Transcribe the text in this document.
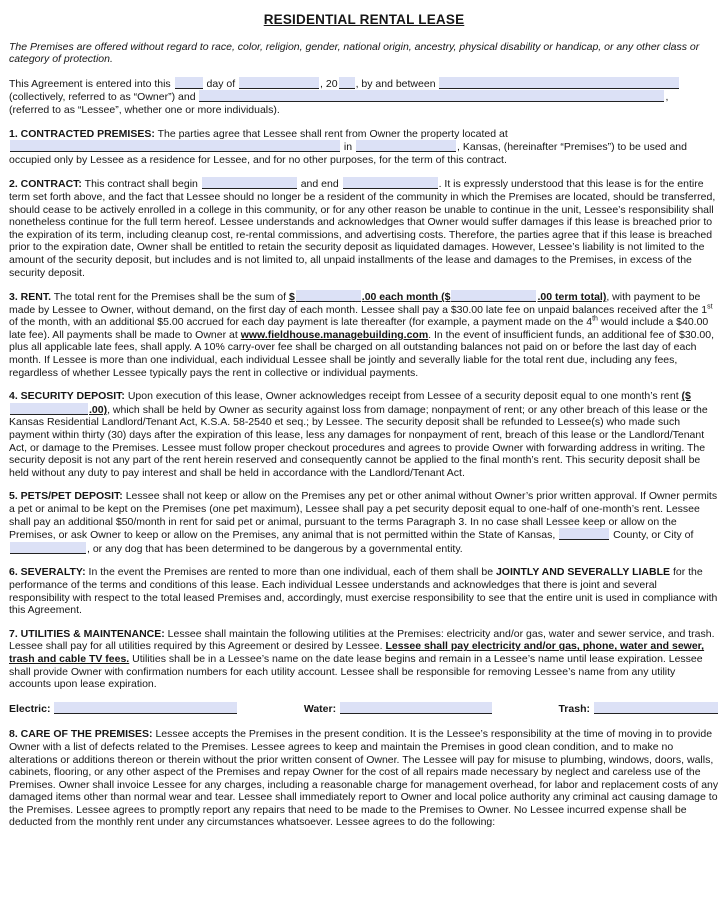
RESIDENTIAL RENTAL LEASE

The Premises are offered without regard to race, color, religion, gender, national origin, ancestry, physical disability or handicap, or any other class or category of protection.

This Agreement is entered into this	day of	, 20 , by and between
(collectively, referred to as “Owner”) and	,
(referred to as “Lessee”, whether one or more individuals).

1. CONTRACTED PREMISES: The parties agree that Lessee shall rent from Owner the property located at
in	, Kansas, (hereinafter “Premises”) to be used and occupied only by Lessee as a residence for Lessee, and for no other purposes, for the term of this contract.

2. CONTRACT: This contract shall begin	and end	. It is expressly understood that this lease is for the entire term set forth above, and the fact that Lessee should no longer be a resident of the community in which the Premises are located, should be transferred, should cease to be actively enrolled in a college in this community, or for any other reason be unable to continue in the unit, Lessee’s responsibility shall nonetheless continue for the full term hereof. Lessee understands and acknowledges that Owner would suffer damages if this lease is breached prior to the expiration of its term, including cleanup cost, re-rental commissions, and advertising costs. Therefore, the parties agree that if this lease is breached prior to the expiration date, Owner shall be entitled to retain the security deposit as liquidated damages. However, Lessee’s liability is not limited to the amount of the security deposit, but includes and is not limited to, all unpaid installments of the lease and damages to the Premises, in excess of the security deposit.

3. RENT. The total rent for the Premises shall be the sum of $	.00 each month ($	.00 term total), with payment to be made by Lessee to Owner, without demand, on the first day of each month. Lessee shall pay a $30.00 late fee on unpaid balances received after the 1st of the month, with an additional $5.00 accrued for each day payment is late thereafter (for example, a payment made on the 4th would include a $40.00 late fee). All payments shall be made to Owner at www.fieldhouse.managebuilding.com. In the event of insufficient funds, an additional fee of $30.00, plus all applicable late fees, shall apply. A 10% carry-over fee shall be charged on all outstanding balances not paid on or before the last day of each month. If Lessee is more than one individual, each individual Lessee shall be jointly and severally liable for the total rent due, including any fees, regardless of whether Lessee typically pays the rent in collective or individual payments.

4. SECURITY DEPOSIT: Upon execution of this lease, Owner acknowledges receipt from Lessee of a security deposit equal to one month’s rent ($.00), which shall be held by Owner as security against loss from damage; nonpayment of rent; or any other breach of this lease or the Kansas Residential Landlord/Tenant Act, K.S.A. 58-2540 et seq.; by Lessee. The security deposit shall be refunded to Lessee(s) who made such payment within thirty (30) days after the expiration of this lease, less any damages for nonpayment of rent, breach of this lease or the Landlord/Tenant Act, or damage to the Premises. Lessee must follow proper checkout procedures and agrees to provide Owner with forwarding address in writing. The security deposit is not any part of the rent herein reserved and consequently cannot be applied to the final month’s rent. This security deposit shall be held without any duty to pay interest and shall be held in accordance with the Landlord/Tenant Act.

5. PETS/PET DEPOSIT: Lessee shall not keep or allow on the Premises any pet or other animal without Owner’s prior written approval. If Owner permits a pet or animal to be kept on the Premises (one pet maximum), Lessee shall pay a pet security deposit equal to one-half of one-month’s rent. Lessee shall pay an additional $50/month in rent for said pet or animal, pursuant to the terms Paragraph 3. In no case shall Lessee keep or allow on the Premises, or ask Owner to keep or allow on the Premises, any animal that is not permitted within the State of Kansas,	County, or City of , or any dog that has been determined to be dangerous by a governmental entity.

6. SEVERALTY: In the event the Premises are rented to more than one individual, each of them shall be JOINTLY AND SEVERALLY LIABLE for the performance of the terms and conditions of this lease. Each individual Lessee understands and acknowledges that there is joint and several responsibility with respect to the total leased Premises and, accordingly, must exercise responsibility to see that the entire unit is used in compliance with this Agreement.

7. UTILITIES & MAINTENANCE: Lessee shall maintain the following utilities at the Premises: electricity and/or gas, water and sewer service, and trash. Lessee shall pay for all utilities required by this Agreement or desired by Lessee. Lessee shall pay electricity and/or gas, phone, water and sewer, trash and cable TV fees. Utilities shall be in a Lessee’s name on the date lease begins and remain in a Lessee’s name until lease expiration. Lessee shall provide Owner with confirmation numbers for each utility account. Lessee shall be responsible for removing Lessee’s name from any utility accounts upon lease expiration.

Electric:	Water:	Trash:

8. CARE OF THE PREMISES: Lessee accepts the Premises in the present condition. It is the Lessee’s responsibility at the time of moving in to provide Owner with a list of defects related to the Premises. Lessee agrees to keep and maintain the Premises in good clean condition, and to make no alterations or additions thereon or therein without the prior written consent of Owner. The Lessee will pay for misuse to plumbing, windows, doors, walls, cabinets, flooring, or any other aspect of the Premises and repay Owner for the cost of all repairs made necessary by neglect and careless use of the Premises. Owner shall invoice Lessee for any charges, including a reasonable charge for management overhead, for labor and replacement costs of any damaged items other than normal wear and tear. Lessee shall immediately report to Owner and local police authority any criminal act causing damage to the Premises. Lessee agrees to promptly report any repairs that need to be made to the Premises to Owner. No Lessee incurred expense shall be deducted from the monthly rent under any circumstances whatsoever. Lessee agrees to do the following:
